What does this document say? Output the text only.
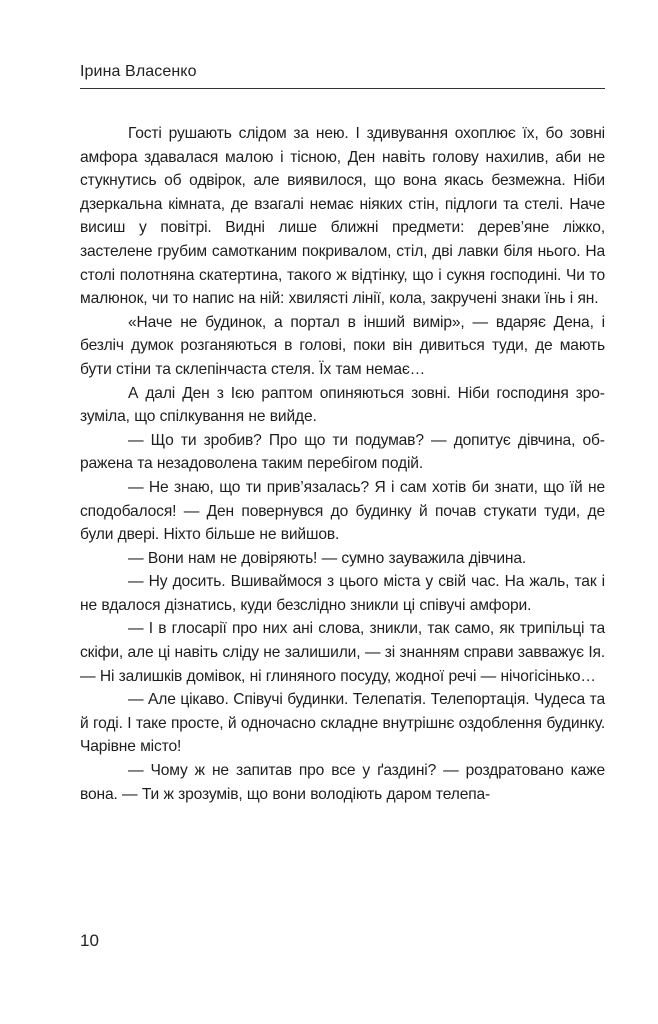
Ірина Власенко

Гості рушають слідом за нею. І здивування охоплює їх, бо зовні амфора здавалася малою і тісною, Ден навіть голову нахилив, аби не стукнутись об одвірок, але виявилося, що вона якась безмежна. Ніби дзеркальна кімната, де взагалі немає ніяких стін, підлоги та стелі. Наче висиш у повітрі. Видні лише ближні предмети: дерев’яне ліжко, застелене грубим самотканим покривалом, стіл, дві лавки біля нього. На столі полотняна скатертина, такого ж відтінку, що і сукня господині. Чи то малюнок, чи то напис на ній: хвилясті лінії, кола, закручені знаки їнь і ян.

«Наче не будинок, а портал в інший вимір», — вдаряє Дена, і безліч думок розганяються в голові, поки він дивиться туди, де мають бути стіни та склепінчаста стеля. Їх там немає…

А далі Ден з Ією раптом опиняються зовні. Ніби господиня зрозуміла, що спілкування не вийде.

— Що ти зробив? Про що ти подумав? — допитує дівчина, ображена та незадоволена таким перебігом подій.

— Не знаю, що ти прив’язалась? Я і сам хотів би знати, що їй не сподобалося! — Ден повернувся до будинку й почав стукати туди, де були двері. Ніхто більше не вийшов.

— Вони нам не довіряють! — сумно зауважила дівчина.

— Ну досить. Вшиваймося з цього міста у свій час. На жаль, так і не вдалося дізнатись, куди безслідно зникли ці співучі амфори.

— І в глосарії про них ані слова, зникли, так само, як трипільці та скіфи, але ці навіть сліду не залишили, — зі знанням справи завважує Ія. — Ні залишків домівок, ні глиняного посуду, жодної речі — нічогісінько…

— Але цікаво. Співучі будинки. Телепатія. Телепортація. Чудеса та й годі. І таке просте, й одночасно складне внутрішнє оздоблення будинку. Чарівне місто!

— Чому ж не запитав про все у ґаздині? — роздратовано каже вона. — Ти ж зрозумів, що вони володіють даром телепа-

10
